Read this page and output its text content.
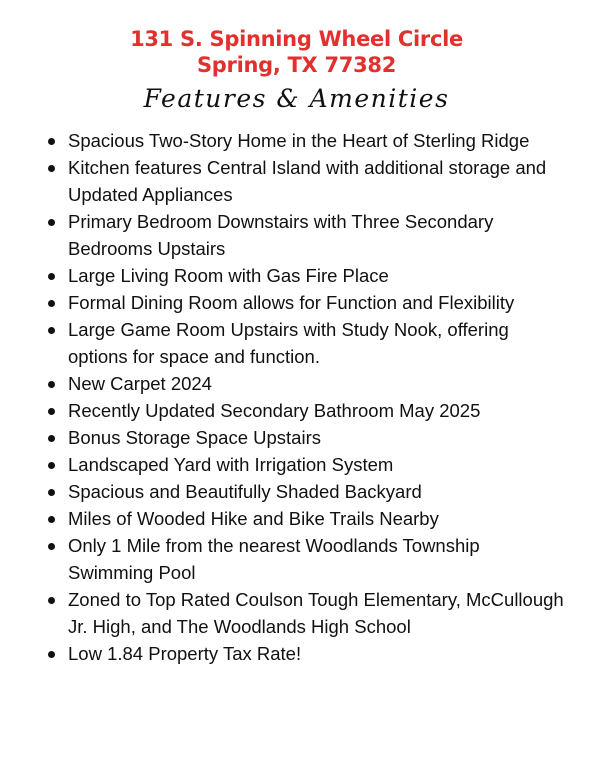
131 S. Spinning Wheel Circle
Spring, TX 77382
Features & Amenities
Spacious Two-Story Home in the Heart of Sterling Ridge
Kitchen features Central Island with additional storage and Updated Appliances
Primary Bedroom Downstairs with Three Secondary Bedrooms Upstairs
Large Living Room with Gas Fire Place
Formal Dining Room allows for Function and Flexibility
Large Game Room Upstairs with Study Nook, offering options for space and function.
New Carpet 2024
Recently Updated Secondary Bathroom May 2025
Bonus Storage Space Upstairs
Landscaped Yard with Irrigation System
Spacious and Beautifully Shaded Backyard
Miles of Wooded Hike and Bike Trails Nearby
Only 1 Mile from the nearest Woodlands Township Swimming Pool
Zoned to Top Rated Coulson Tough Elementary, McCullough Jr. High, and The Woodlands High School
Low 1.84 Property Tax Rate!
